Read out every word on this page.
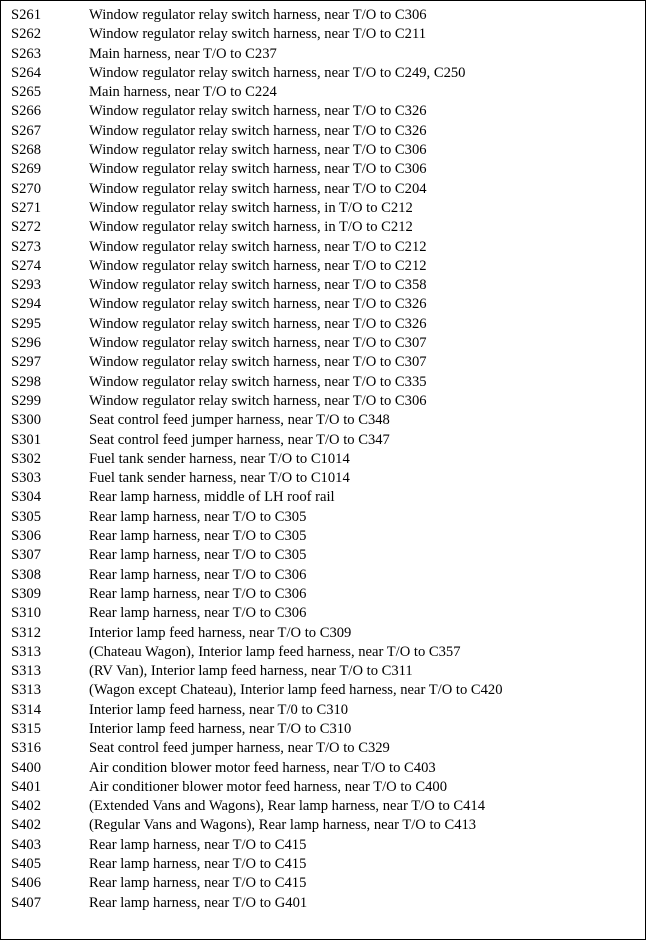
S261	Window regulator relay switch harness, near T/O to C306
S262	Window regulator relay switch harness, near T/O to C211
S263	Main harness, near T/O to C237
S264	Window regulator relay switch harness, near T/O to C249, C250
S265	Main harness, near T/O to C224
S266	Window regulator relay switch harness, near T/O to C326
S267	Window regulator relay switch harness, near T/O to C326
S268	Window regulator relay switch harness, near T/O to C306
S269	Window regulator relay switch harness, near T/O to C306
S270	Window regulator relay switch harness, near T/O to C204
S271	Window regulator relay switch harness, in T/O to C212
S272	Window regulator relay switch harness, in T/O to C212
S273	Window regulator relay switch harness, near T/O to C212
S274	Window regulator relay switch harness, near T/O to C212
S293	Window regulator relay switch harness, near T/O to C358
S294	Window regulator relay switch harness, near T/O to C326
S295	Window regulator relay switch harness, near T/O to C326
S296	Window regulator relay switch harness, near T/O to C307
S297	Window regulator relay switch harness, near T/O to C307
S298	Window regulator relay switch harness, near T/O to C335
S299	Window regulator relay switch harness, near T/O to C306
S300	Seat control feed jumper harness, near T/O to C348
S301	Seat control feed jumper harness, near T/O to C347
S302	Fuel tank sender harness, near T/O to C1014
S303	Fuel tank sender harness, near T/O to C1014
S304	Rear lamp harness, middle of LH roof rail
S305	Rear lamp harness, near T/O to C305
S306	Rear lamp harness, near T/O to C305
S307	Rear lamp harness, near T/O to C305
S308	Rear lamp harness, near T/O to C306
S309	Rear lamp harness, near T/O to C306
S310	Rear lamp harness, near T/O to C306
S312	Interior lamp feed harness, near T/O to C309
S313	(Chateau Wagon), Interior lamp feed harness, near T/O to C357
S313	(RV Van), Interior lamp feed harness, near T/O to C311
S313	(Wagon except Chateau), Interior lamp feed harness, near T/O to C420
S314	Interior lamp feed harness, near T/0 to C310
S315	Interior lamp feed harness, near T/O to C310
S316	Seat control feed jumper harness, near T/O to C329
S400	Air condition blower motor feed harness, near T/O to C403
S401	Air conditioner blower motor feed harness, near T/O to C400
S402	(Extended Vans and Wagons), Rear lamp harness, near T/O to C414
S402	(Regular Vans and Wagons), Rear lamp harness, near T/O to C413
S403	Rear lamp harness, near T/O to C415
S405	Rear lamp harness, near T/O to C415
S406	Rear lamp harness, near T/O to C415
S407	Rear lamp harness, near T/O to G401
